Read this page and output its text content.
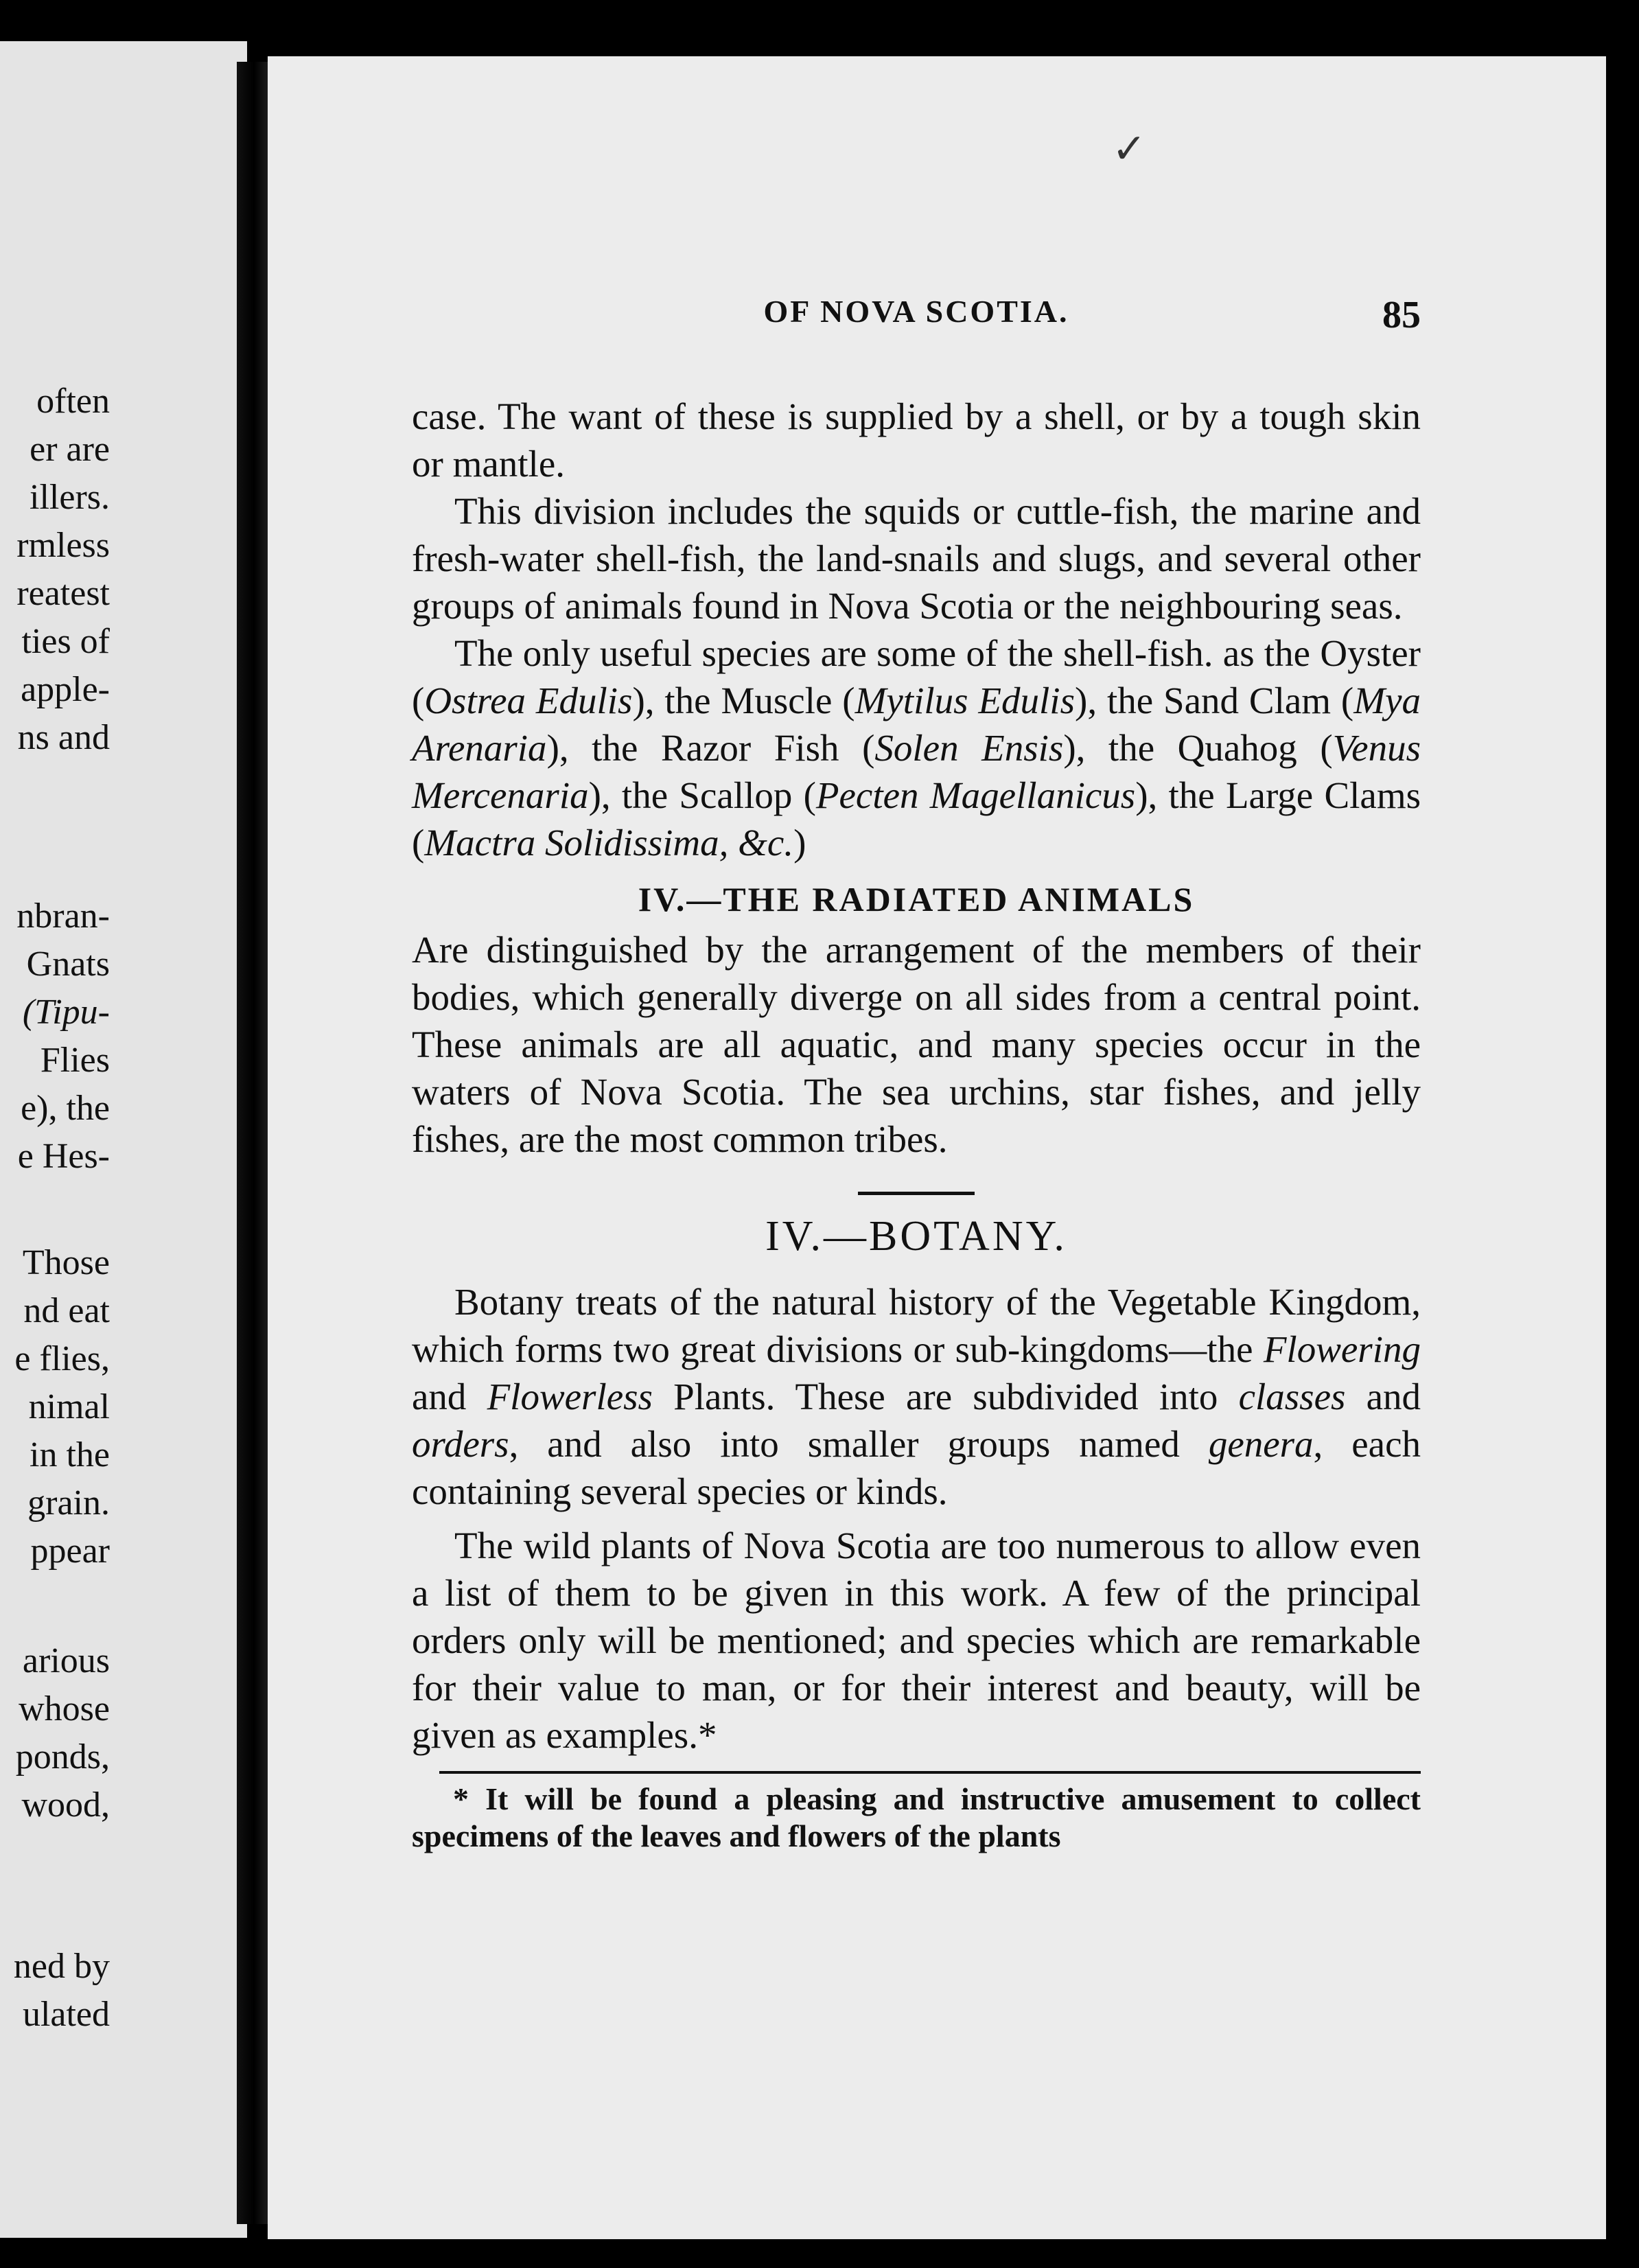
often
er are
illers.
rmless
reatest
ties of
apple-
ns and
nbran-
Gnats
(Tipu-
Flies
e), the
e Hes-
Those
nd eat
e flies,
nimal
in the
grain.
ppear
arious
whose
ponds,
wood,
ned by
ulated
✓
OF NOVA SCOTIA.	85

case. The want of these is supplied by a shell, or by a tough skin or mantle.

This division includes the squids or cuttle-fish, the marine and fresh-water shell-fish, the land-snails and slugs, and several other groups of animals found in Nova Scotia or the neighbouring seas.

The only useful species are some of the shell-fish. as the Oyster (Ostrea Edulis), the Muscle (Mytilus Edulis), the Sand Clam (Mya Arenaria), the Razor Fish (Solen Ensis), the Quahog (Venus Mercenaria), the Scallop (Pecten Magellanicus), the Large Clams (Mactra Solidissima, &c.)

IV.—THE RADIATED ANIMALS

Are distinguished by the arrangement of the members of their bodies, which generally diverge on all sides from a central point. These animals are all aquatic, and many species occur in the waters of Nova Scotia. The sea urchins, star fishes, and jelly fishes, are the most common tribes.

IV.—BOTANY.

Botany treats of the natural history of the Vegetable Kingdom, which forms two great divisions or sub-kingdoms—the Flowering and Flowerless Plants. These are subdivided into classes and orders, and also into smaller groups named genera, each containing several species or kinds.

The wild plants of Nova Scotia are too numerous to allow even a list of them to be given in this work. A few of the principal orders only will be mentioned; and species which are remarkable for their value to man, or for their interest and beauty, will be given as examples.*

* It will be found a pleasing and instructive amusement to collect specimens of the leaves and flowers of the plants
